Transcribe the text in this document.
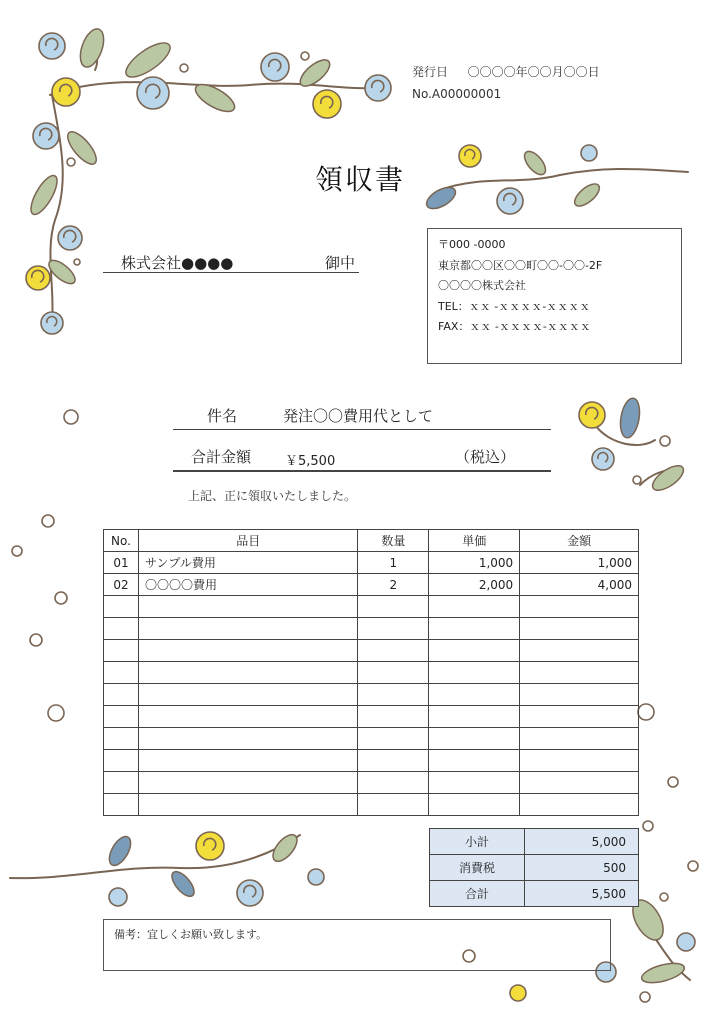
発行日 〇〇〇〇年〇〇月〇〇日
No.A00000001
領収書
株式会社●●●●	御中
〒000 -0000
東京都〇〇区〇〇町〇〇-〇〇-2F
〇〇〇〇株式会社
TEL：ｘｘ -ｘｘｘｘ-ｘｘｘｘ
FAX：ｘｘ -ｘｘｘｘ-ｘｘｘｘ
件名	発注〇〇費用代として
合計金額	￥5,500	（税込）
上記、正に領収いたしました。
No.	品目	数量	単価	金額
01	サンプル費用	1	1,000	1,000
02	〇〇〇〇費用	2	2,000	4,000

小計	5,000
消費税	500
合計	5,500
備考：宜しくお願い致します。
